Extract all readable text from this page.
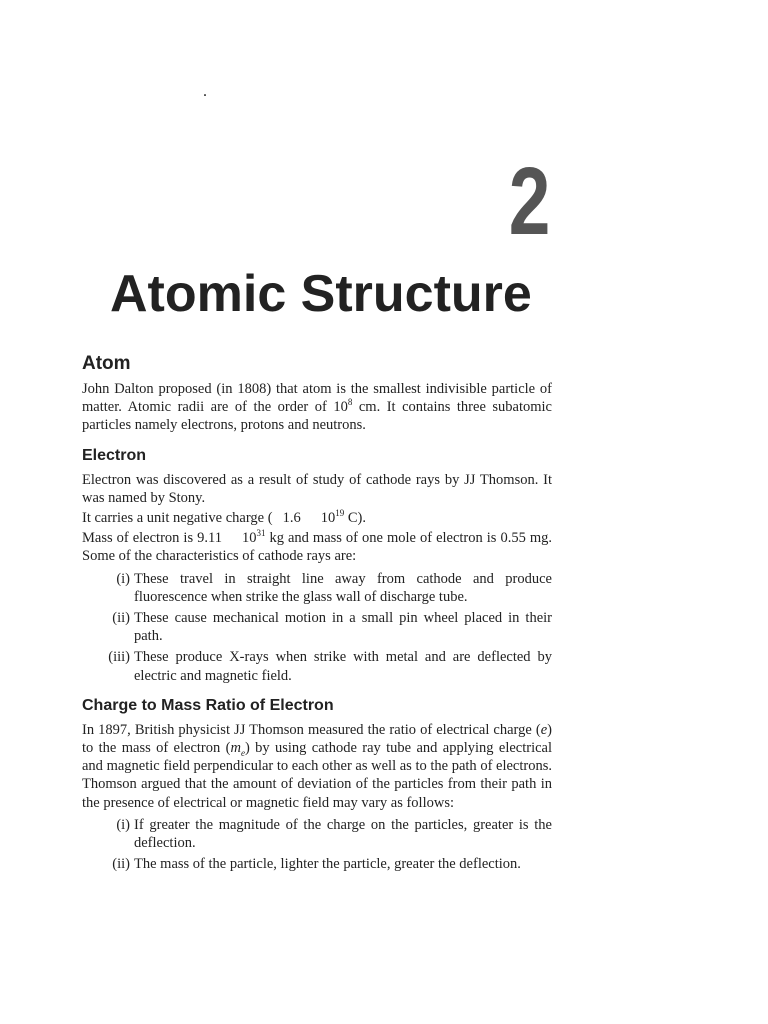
.
2
Atomic Structure
Atom

John Dalton proposed (in 1808) that atom is the smallest indivisible particle of matter. Atomic radii are of the order of $10^8$ cm. It contains three subatomic particles namely electrons, protons and neutrons.

Electron

Electron was discovered as a result of study of cathode rays by JJ Thomson. It was named by Stony.

It carries a unit negative charge ( 1.6 $10^{19}$ C).

Mass of electron is 9.11 $10^{31}$ kg and mass of one mole of electron is 0.55 mg. Some of the characteristics of cathode rays are:

(i) These travel in straight line away from cathode and produce fluorescence when strike the glass wall of discharge tube.
(ii) These cause mechanical motion in a small pin wheel placed in their path.
(iii) These produce X-rays when strike with metal and are deflected by electric and magnetic field.
Charge to Mass Ratio of Electron

In 1897, British physicist JJ Thomson measured the ratio of electrical charge (e) to the mass of electron $(m_e)$ by using cathode ray tube and applying electrical and magnetic field perpendicular to each other as well as to the path of electrons. Thomson argued that the amount of deviation of the particles from their path in the presence of electrical or magnetic field may vary as follows:

(i) If greater the magnitude of the charge on the particles, greater is the deflection.
(ii) The mass of the particle, lighter the particle, greater the deflection.
